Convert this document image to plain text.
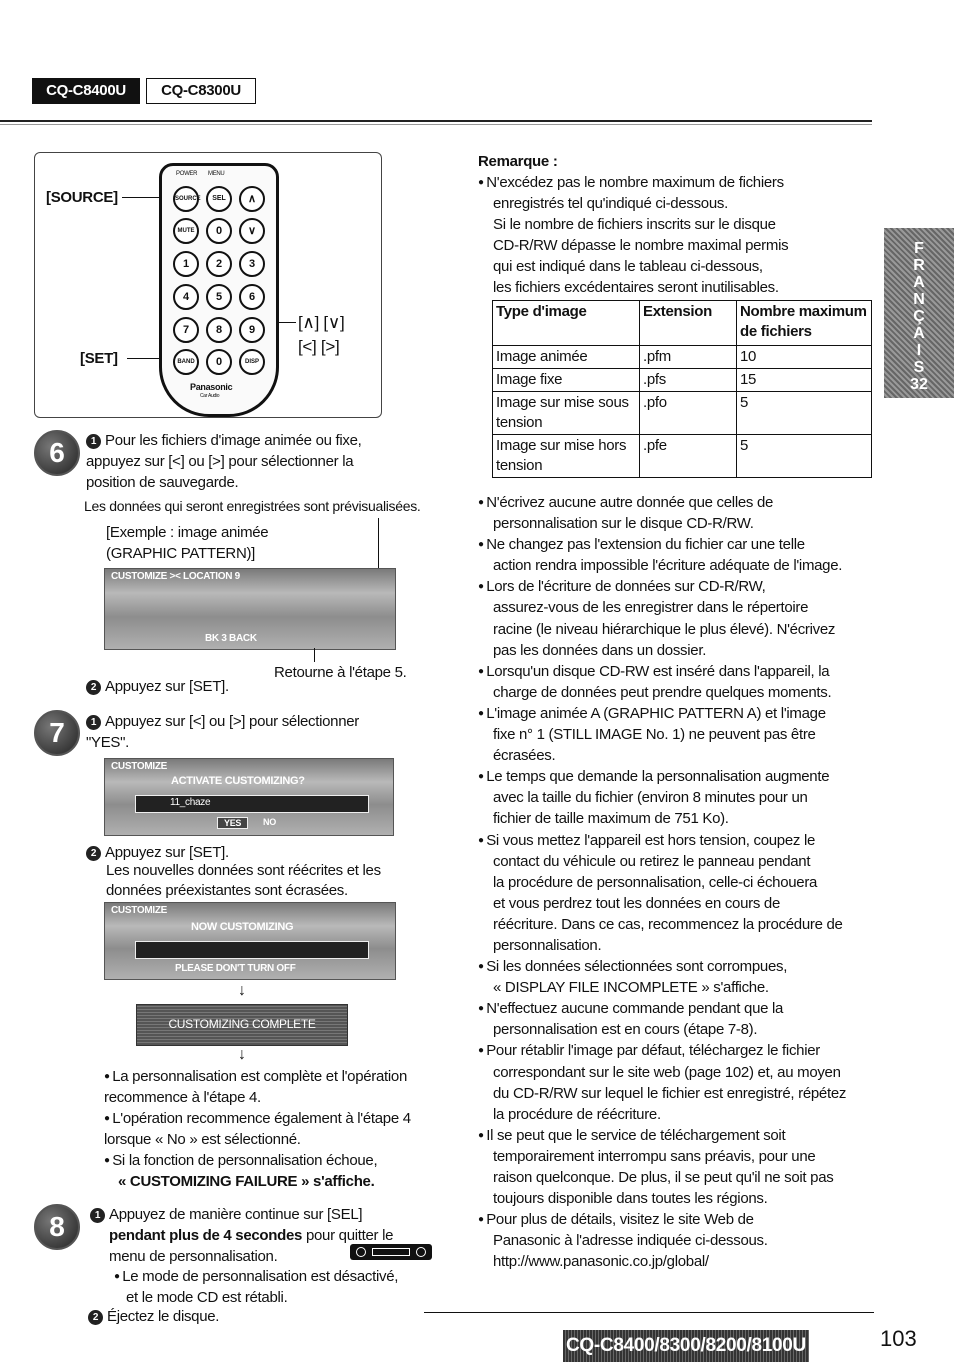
CQ-C8400U	CQ-C8300U
[SOURCE]
[SET]
[∧] [∨]
[<] [>]
POWER MENU
SOURCE	SEL	∧
MUTE	0	∨
1	2	3
4	5	6
7	8	9
BAND	0	DISP
Panasonic
Car Audio
6	1 Pour les fichiers d'image animée ou fixe,
appuyez sur [<] ou [>] pour sélectionner la
position de sauvegarde.
Les données qui seront enregistrées sont prévisualisées.
[Exemple : image animée
(GRAPHIC PATTERN)]
CUSTOMIZE >< LOCATION 9
BK 3 BACK
Retourne à l'étape 5.
2 Appuyez sur [SET].
7	1 Appuyez sur [<] ou [>] pour sélectionner
"YES".
CUSTOMIZE
ACTIVATE CUSTOMIZING?
11_chaze
YES	NO
2 Appuyez sur [SET].
Les nouvelles données sont réécrites et les
données préexistantes sont écrasées.
CUSTOMIZE
NOW CUSTOMIZING
PLEASE DON'T TURN OFF
↓
CUSTOMIZING COMPLETE
↓
● La personnalisation est complète et l'opération recommence à l'étape 4.
● L'opération recommence également à l'étape 4 lorsque « No » est sélectionné.
● Si la fonction de personnalisation échoue,
« CUSTOMIZING FAILURE » s'affiche.
8	1 Appuyez de manière continue sur [SEL]
pendant plus de 4 secondes pour quitter le
menu de personnalisation.
● Le mode de personnalisation est désactivé,
et le mode CD est rétabli.
2 Éjectez le disque.
Remarque :
● N'excédez pas le nombre maximum de fichiers
enregistrés tel qu'indiqué ci-dessous.
Si le nombre de fichiers inscrits sur le disque
CD-R/RW dépasse le nombre maximal permis
qui est indiqué dans le tableau ci-dessous,
les fichiers excédentaires seront inutilisables.
Type d'image	Extension	Nombre maximum de fichiers
Image animée	.pfm	10
Image fixe	.pfs	15
Image sur mise sous tension	.pfo	5
Image sur mise hors tension	.pfe	5
● N'écrivez aucune autre donnée que celles de
personnalisation sur le disque CD-R/RW.
● Ne changez pas l'extension du fichier car une telle
action rendra impossible l'écriture adéquate de l'image.
● Lors de l'écriture de données sur CD-R/RW,
assurez-vous de les enregistrer dans le répertoire
racine (le niveau hiérarchique le plus élevé). N'écrivez
pas les données dans un dossier.
● Lorsqu'un disque CD-RW est inséré dans l'appareil, la
charge de données peut prendre quelques moments.
● L'image animée A (GRAPHIC PATTERN A) et l'image
fixe n° 1 (STILL IMAGE No. 1) ne peuvent pas être
écrasées.
● Le temps que demande la personnalisation augmente
avec la taille du fichier (environ 8 minutes pour un
fichier de taille maximum de 751 Ko).
● Si vous mettez l'appareil est hors tension, coupez le
contact du véhicule ou retirez le panneau pendant
la procédure de personnalisation, celle-ci échouera
et vous perdrez tout les données en cours de
réécriture. Dans ce cas, recommencez la procédure de
personnalisation.
● Si les données sélectionnées sont corrompues,
« DISPLAY FILE INCOMPLETE » s'affiche.
● N'effectuez aucune commande pendant que la
personnalisation est en cours (étape 7-8).
● Pour rétablir l'image par défaut, téléchargez le fichier
correspondant sur le site web (page 102) et, au moyen
du CD-R/RW sur lequel le fichier est enregistré, répétez
la procédure de réécriture.
● Il se peut que le service de téléchargement soit
temporairement interrompu sans préavis, pour une
raison quelconque. De plus, il se peut qu'il ne soit pas
toujours disponible dans toutes les régions.
● Pour plus de détails, visitez le site Web de
Panasonic à l'adresse indiquée ci-dessous.
http://www.panasonic.co.jp/global/
F
R
A
N
Ç
A
I
S
32
CQ-C8400/8300/8200/8100U	103
